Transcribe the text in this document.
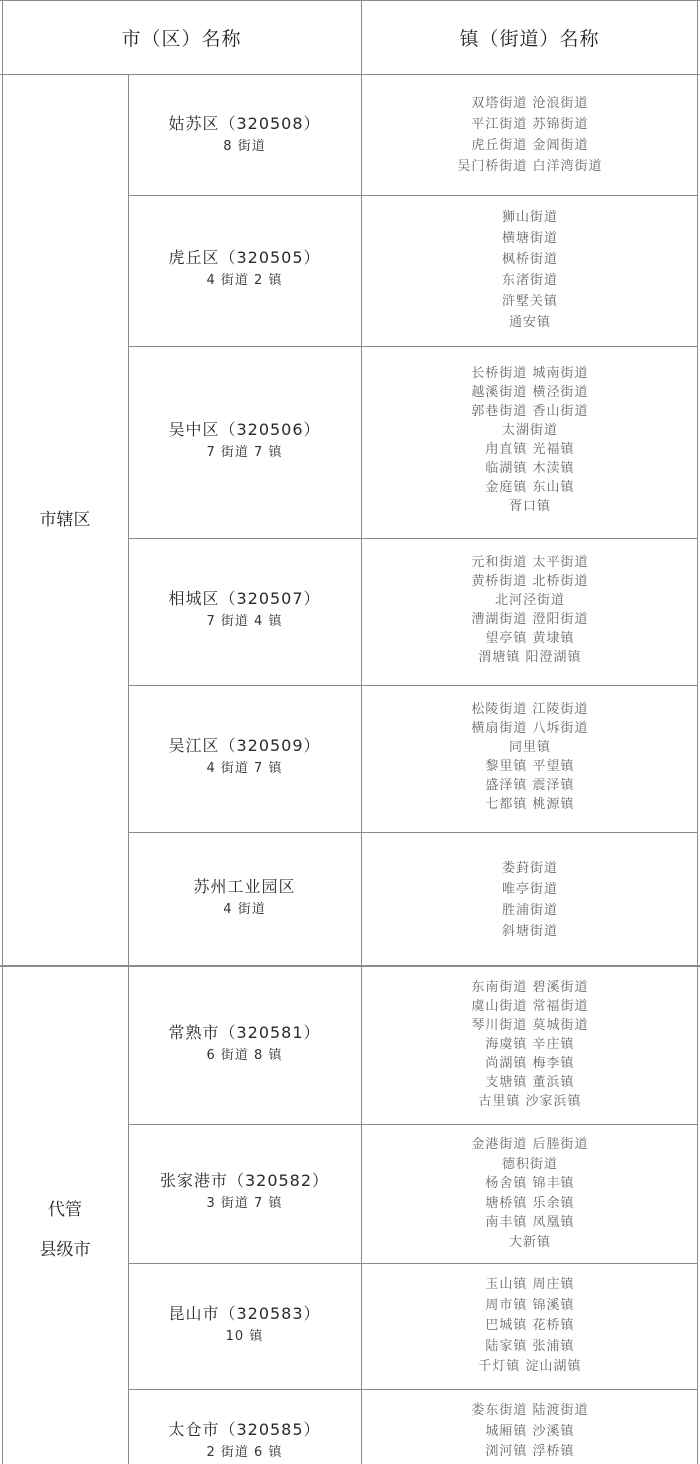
市（区）名称	镇（街道）名称
市辖区
代管
县级市
姑苏区（320508）
8 街道
虎丘区（320505）
4 街道 2 镇
吴中区（320506）
7 街道 7 镇
相城区（320507）
7 街道 4 镇
吴江区（320509）
4 街道 7 镇
苏州工业园区
4 街道
常熟市（320581）
6 街道 8 镇
张家港市（320582）
3 街道 7 镇
昆山市（320583）
10 镇
太仓市（320585）
2 街道 6 镇
双塔街道 沧浪街道
平江街道 苏锦街道
虎丘街道 金阊街道
吴门桥街道 白洋湾街道
狮山街道
横塘街道
枫桥街道
东渚街道
浒墅关镇
通安镇
长桥街道 城南街道
越溪街道 横泾街道
郭巷街道 香山街道
太湖街道
甪直镇 光福镇
临湖镇 木渎镇
金庭镇 东山镇
胥口镇
元和街道 太平街道
黄桥街道 北桥街道
北河泾街道
漕湖街道 澄阳街道
望亭镇 黄埭镇
渭塘镇 阳澄湖镇
松陵街道 江陵街道
横扇街道 八坼街道
同里镇
黎里镇 平望镇
盛泽镇 震泽镇
七都镇 桃源镇
娄葑街道
唯亭街道
胜浦街道
斜塘街道
东南街道 碧溪街道
虞山街道 常福街道
琴川街道 莫城街道
海虞镇 辛庄镇
尚湖镇 梅李镇
支塘镇 董浜镇
古里镇 沙家浜镇
金港街道 后塍街道
德积街道
杨舍镇 锦丰镇
塘桥镇 乐余镇
南丰镇 凤凰镇
大新镇
玉山镇 周庄镇
周市镇 锦溪镇
巴城镇 花桥镇
陆家镇 张浦镇
千灯镇 淀山湖镇
娄东街道 陆渡街道
城厢镇 沙溪镇
浏河镇 浮桥镇
